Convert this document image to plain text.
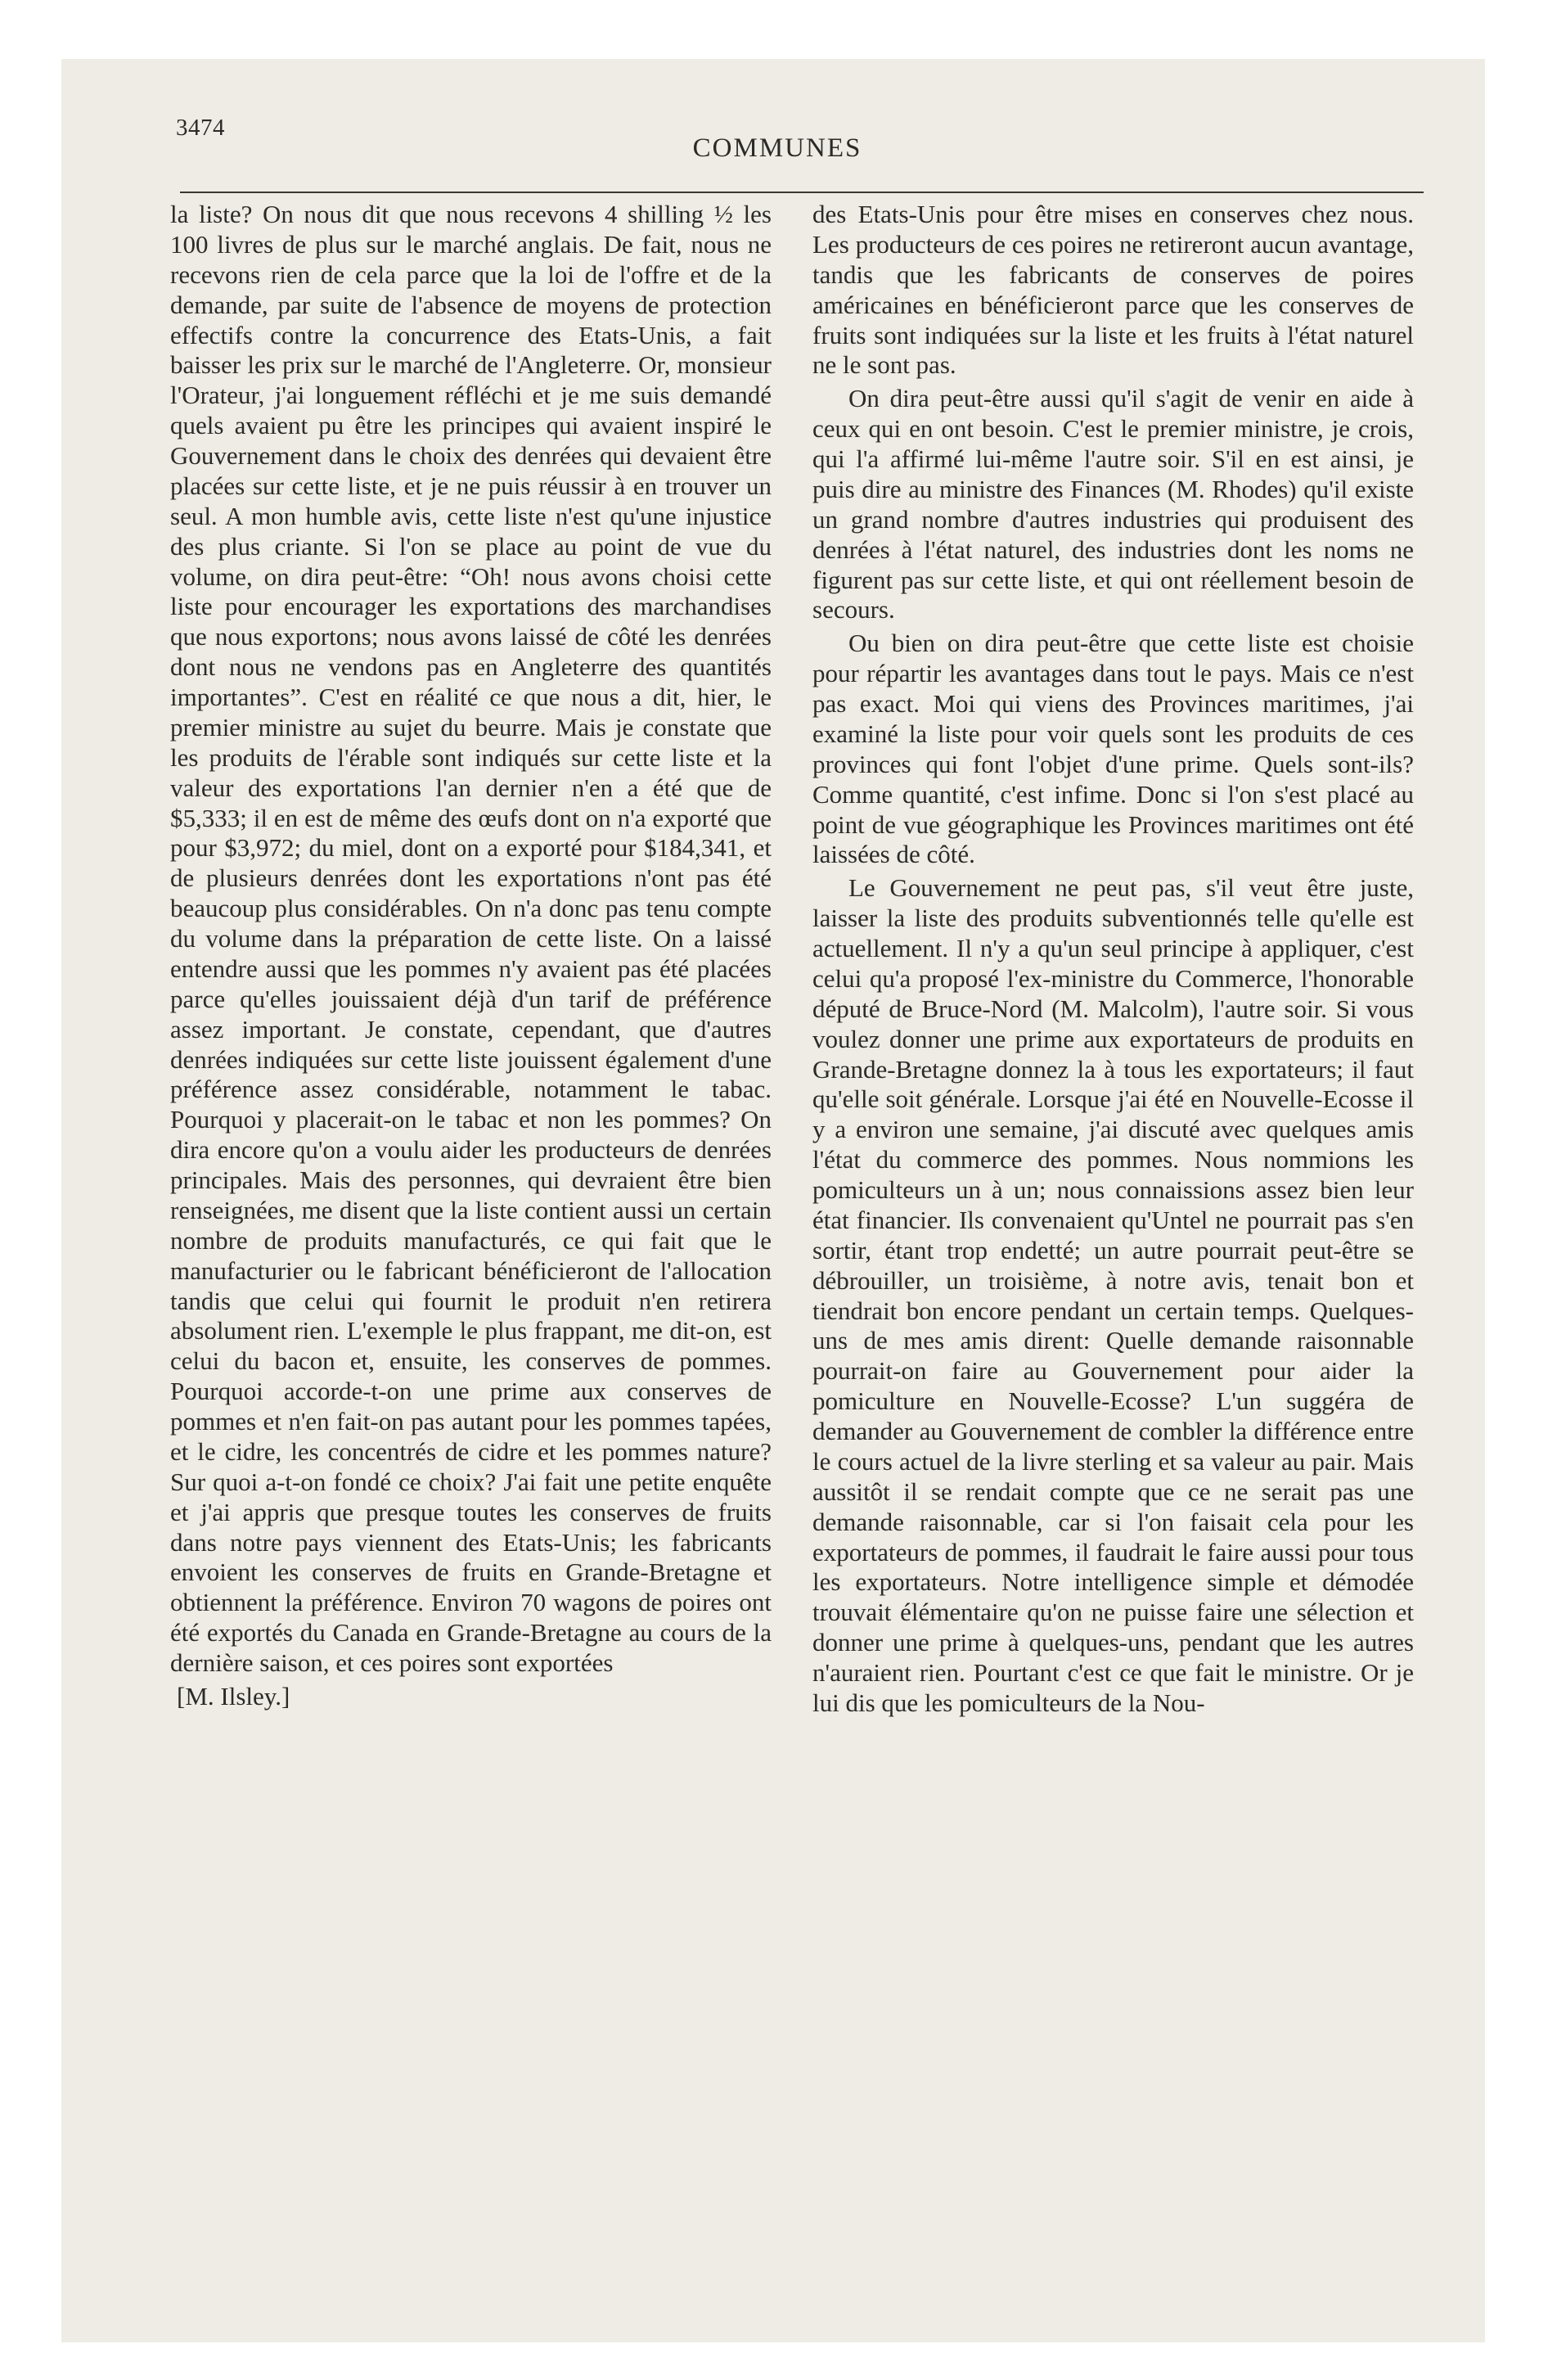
3474
COMMUNES

la liste? On nous dit que nous recevons 4 shilling ½ les 100 livres de plus sur le marché anglais. De fait, nous ne recevons rien de cela parce que la loi de l'offre et de la demande, par suite de l'absence de moyens de protection effectifs contre la concurrence des Etats-Unis, a fait baisser les prix sur le marché de l'Angleterre. Or, monsieur l'Orateur, j'ai longuement réfléchi et je me suis demandé quels avaient pu être les principes qui avaient inspiré le Gouvernement dans le choix des denrées qui devaient être placées sur cette liste, et je ne puis réussir à en trouver un seul. A mon humble avis, cette liste n'est qu'une injustice des plus criante. Si l'on se place au point de vue du volume, on dira peut-être: “Oh! nous avons choisi cette liste pour encourager les exportations des marchandises que nous exportons; nous avons laissé de côté les denrées dont nous ne vendons pas en Angleterre des quantités importantes”. C'est en réalité ce que nous a dit, hier, le premier ministre au sujet du beurre. Mais je constate que les produits de l'érable sont indiqués sur cette liste et la valeur des exportations l'an dernier n'en a été que de $5,333; il en est de même des œufs dont on n'a exporté que pour $3,972; du miel, dont on a exporté pour $184,341, et de plusieurs denrées dont les exportations n'ont pas été beaucoup plus considérables. On n'a donc pas tenu compte du volume dans la préparation de cette liste. On a laissé entendre aussi que les pommes n'y avaient pas été placées parce qu'elles jouissaient déjà d'un tarif de préférence assez important. Je constate, cependant, que d'autres denrées indiquées sur cette liste jouissent également d'une préférence assez considérable, notamment le tabac. Pourquoi y placerait-on le tabac et non les pommes? On dira encore qu'on a voulu aider les producteurs de denrées principales. Mais des personnes, qui devraient être bien renseignées, me disent que la liste contient aussi un certain nombre de produits manufacturés, ce qui fait que le manufacturier ou le fabricant bénéficieront de l'allocation tandis que celui qui fournit le produit n'en retirera absolument rien. L'exemple le plus frappant, me dit-on, est celui du bacon et, ensuite, les conserves de pommes. Pourquoi accorde-t-on une prime aux conserves de pommes et n'en fait-on pas autant pour les pommes tapées, et le cidre, les concentrés de cidre et les pommes nature? Sur quoi a-t-on fondé ce choix? J'ai fait une petite enquête et j'ai appris que presque toutes les conserves de fruits dans notre pays viennent des Etats-Unis; les fabricants envoient les conserves de fruits en Grande-Bretagne et obtiennent la préférence. Environ 70 wagons de poires ont été exportés du Canada en Grande-Bretagne au cours de la dernière saison, et ces poires sont exportées

[M. Ilsley.]

des Etats-Unis pour être mises en conserves chez nous. Les producteurs de ces poires ne retireront aucun avantage, tandis que les fabricants de conserves de poires américaines en bénéficieront parce que les conserves de fruits sont indiquées sur la liste et les fruits à l'état naturel ne le sont pas.

On dira peut-être aussi qu'il s'agit de venir en aide à ceux qui en ont besoin. C'est le premier ministre, je crois, qui l'a affirmé lui-même l'autre soir. S'il en est ainsi, je puis dire au ministre des Finances (M. Rhodes) qu'il existe un grand nombre d'autres industries qui produisent des denrées à l'état naturel, des industries dont les noms ne figurent pas sur cette liste, et qui ont réellement besoin de secours.

Ou bien on dira peut-être que cette liste est choisie pour répartir les avantages dans tout le pays. Mais ce n'est pas exact. Moi qui viens des Provinces maritimes, j'ai examiné la liste pour voir quels sont les produits de ces provinces qui font l'objet d'une prime. Quels sont-ils? Comme quantité, c'est infime. Donc si l'on s'est placé au point de vue géographique les Provinces maritimes ont été laissées de côté.

Le Gouvernement ne peut pas, s'il veut être juste, laisser la liste des produits subventionnés telle qu'elle est actuellement. Il n'y a qu'un seul principe à appliquer, c'est celui qu'a proposé l'ex-ministre du Commerce, l'honorable député de Bruce-Nord (M. Malcolm), l'autre soir. Si vous voulez donner une prime aux exportateurs de produits en Grande-Bretagne donnez la à tous les exportateurs; il faut qu'elle soit générale. Lorsque j'ai été en Nouvelle-Ecosse il y a environ une semaine, j'ai discuté avec quelques amis l'état du commerce des pommes. Nous nommions les pomiculteurs un à un; nous connaissions assez bien leur état financier. Ils convenaient qu'Untel ne pourrait pas s'en sortir, étant trop endetté; un autre pourrait peut-être se débrouiller, un troisième, à notre avis, tenait bon et tiendrait bon encore pendant un certain temps. Quelques-uns de mes amis dirent: Quelle demande raisonnable pourrait-on faire au Gouvernement pour aider la pomiculture en Nouvelle-Ecosse? L'un suggéra de demander au Gouvernement de combler la différence entre le cours actuel de la livre sterling et sa valeur au pair. Mais aussitôt il se rendait compte que ce ne serait pas une demande raisonnable, car si l'on faisait cela pour les exportateurs de pommes, il faudrait le faire aussi pour tous les exportateurs. Notre intelligence simple et démodée trouvait élémentaire qu'on ne puisse faire une sélection et donner une prime à quelques-uns, pendant que les autres n'auraient rien. Pourtant c'est ce que fait le ministre. Or je lui dis que les pomiculteurs de la Nou-
